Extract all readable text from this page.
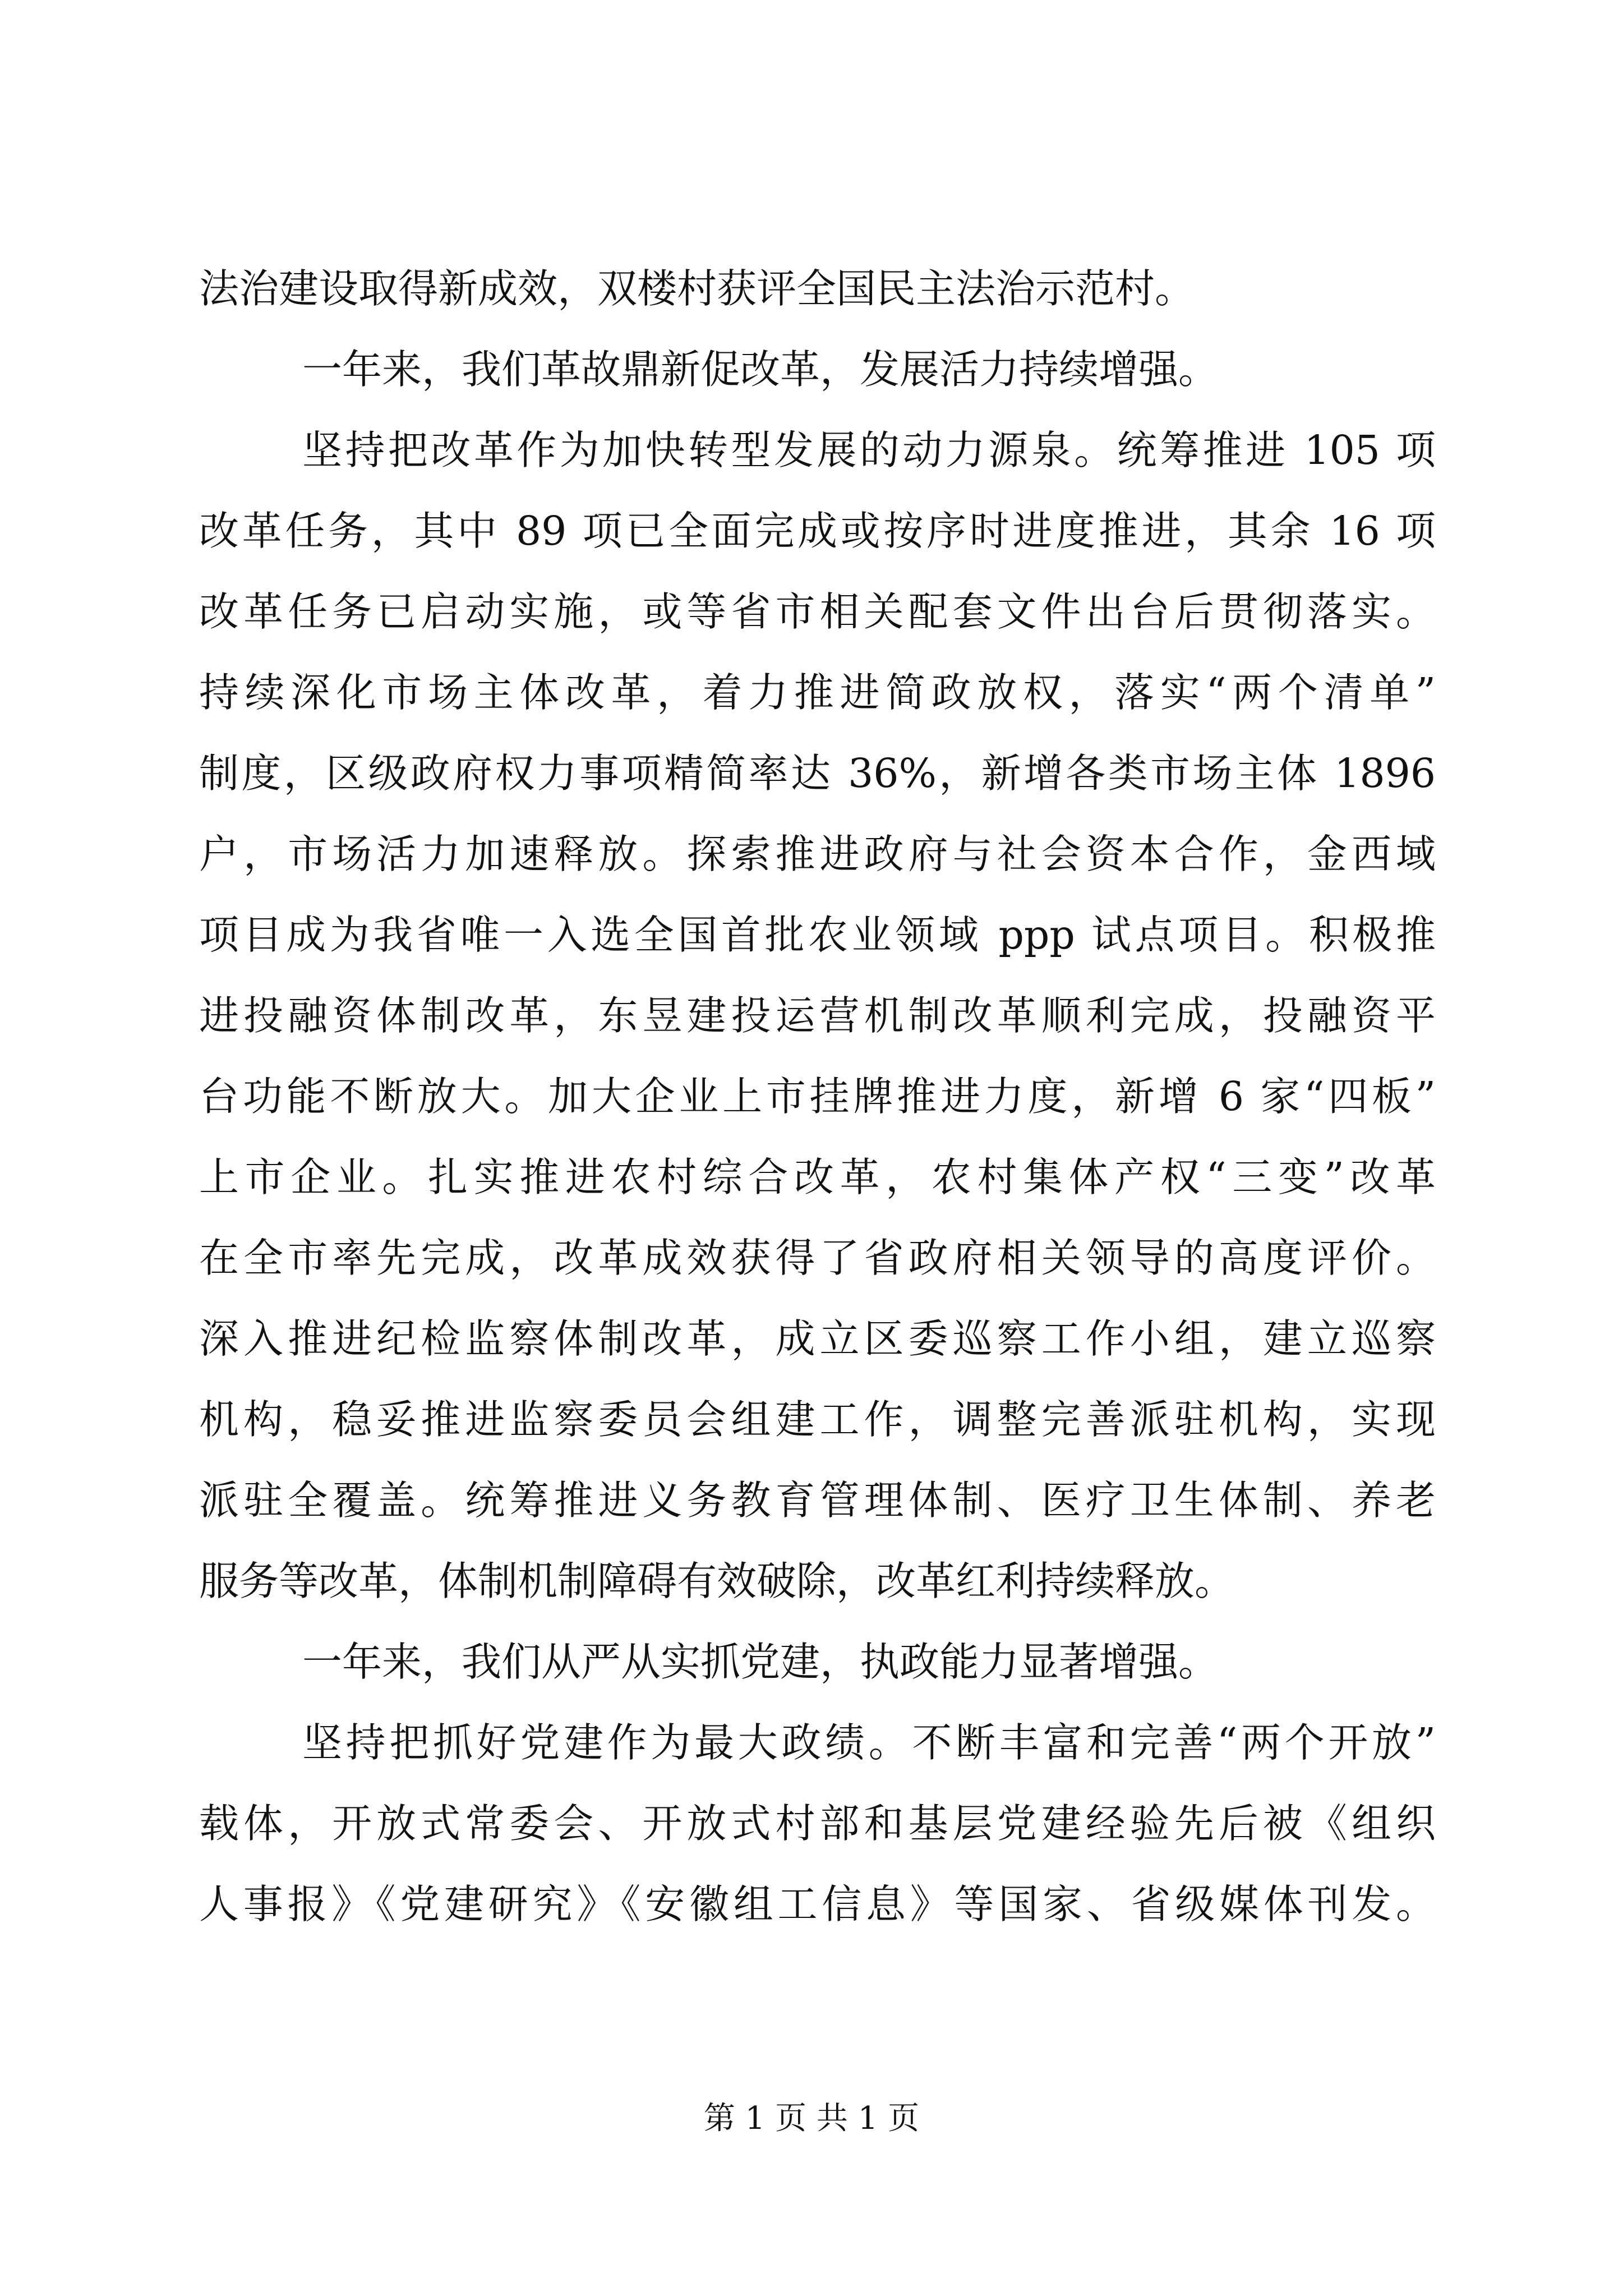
法治建设取得新成效，双楼村获评全国民主法治示范村。
一年来，我们革故鼎新促改革，发展活力持续增强。
坚持把改革作为加快转型发展的动力源泉。统筹推进 105 项
改革任务，其中 89 项已全面完成或按序时进度推进，其余 16 项
改革任务已启动实施，或等省市相关配套文件出台后贯彻落实。
持续深化市场主体改革，着力推进简政放权，落实“两个清单”
制度，区级政府权力事项精简率达 36%，新增各类市场主体 1896
户，市场活力加速释放。探索推进政府与社会资本合作，金西域
项目成为我省唯一入选全国首批农业领域 ppp 试点项目。积极推
进投融资体制改革，东昱建投运营机制改革顺利完成，投融资平
台功能不断放大。加大企业上市挂牌推进力度，新增 6 家“四板”
上市企业。扎实推进农村综合改革，农村集体产权“三变”改革
在全市率先完成，改革成效获得了省政府相关领导的高度评价。
深入推进纪检监察体制改革，成立区委巡察工作小组，建立巡察
机构，稳妥推进监察委员会组建工作，调整完善派驻机构，实现
派驻全覆盖。统筹推进义务教育管理体制、医疗卫生体制、养老
服务等改革，体制机制障碍有效破除，改革红利持续释放。
一年来，我们从严从实抓党建，执政能力显著增强。
坚持把抓好党建作为最大政绩。不断丰富和完善“两个开放”
载体，开放式常委会、开放式村部和基层党建经验先后被《组织
人事报》《党建研究》《安徽组工信息》等国家、省级媒体刊发。
第 1 页 共 1 页
